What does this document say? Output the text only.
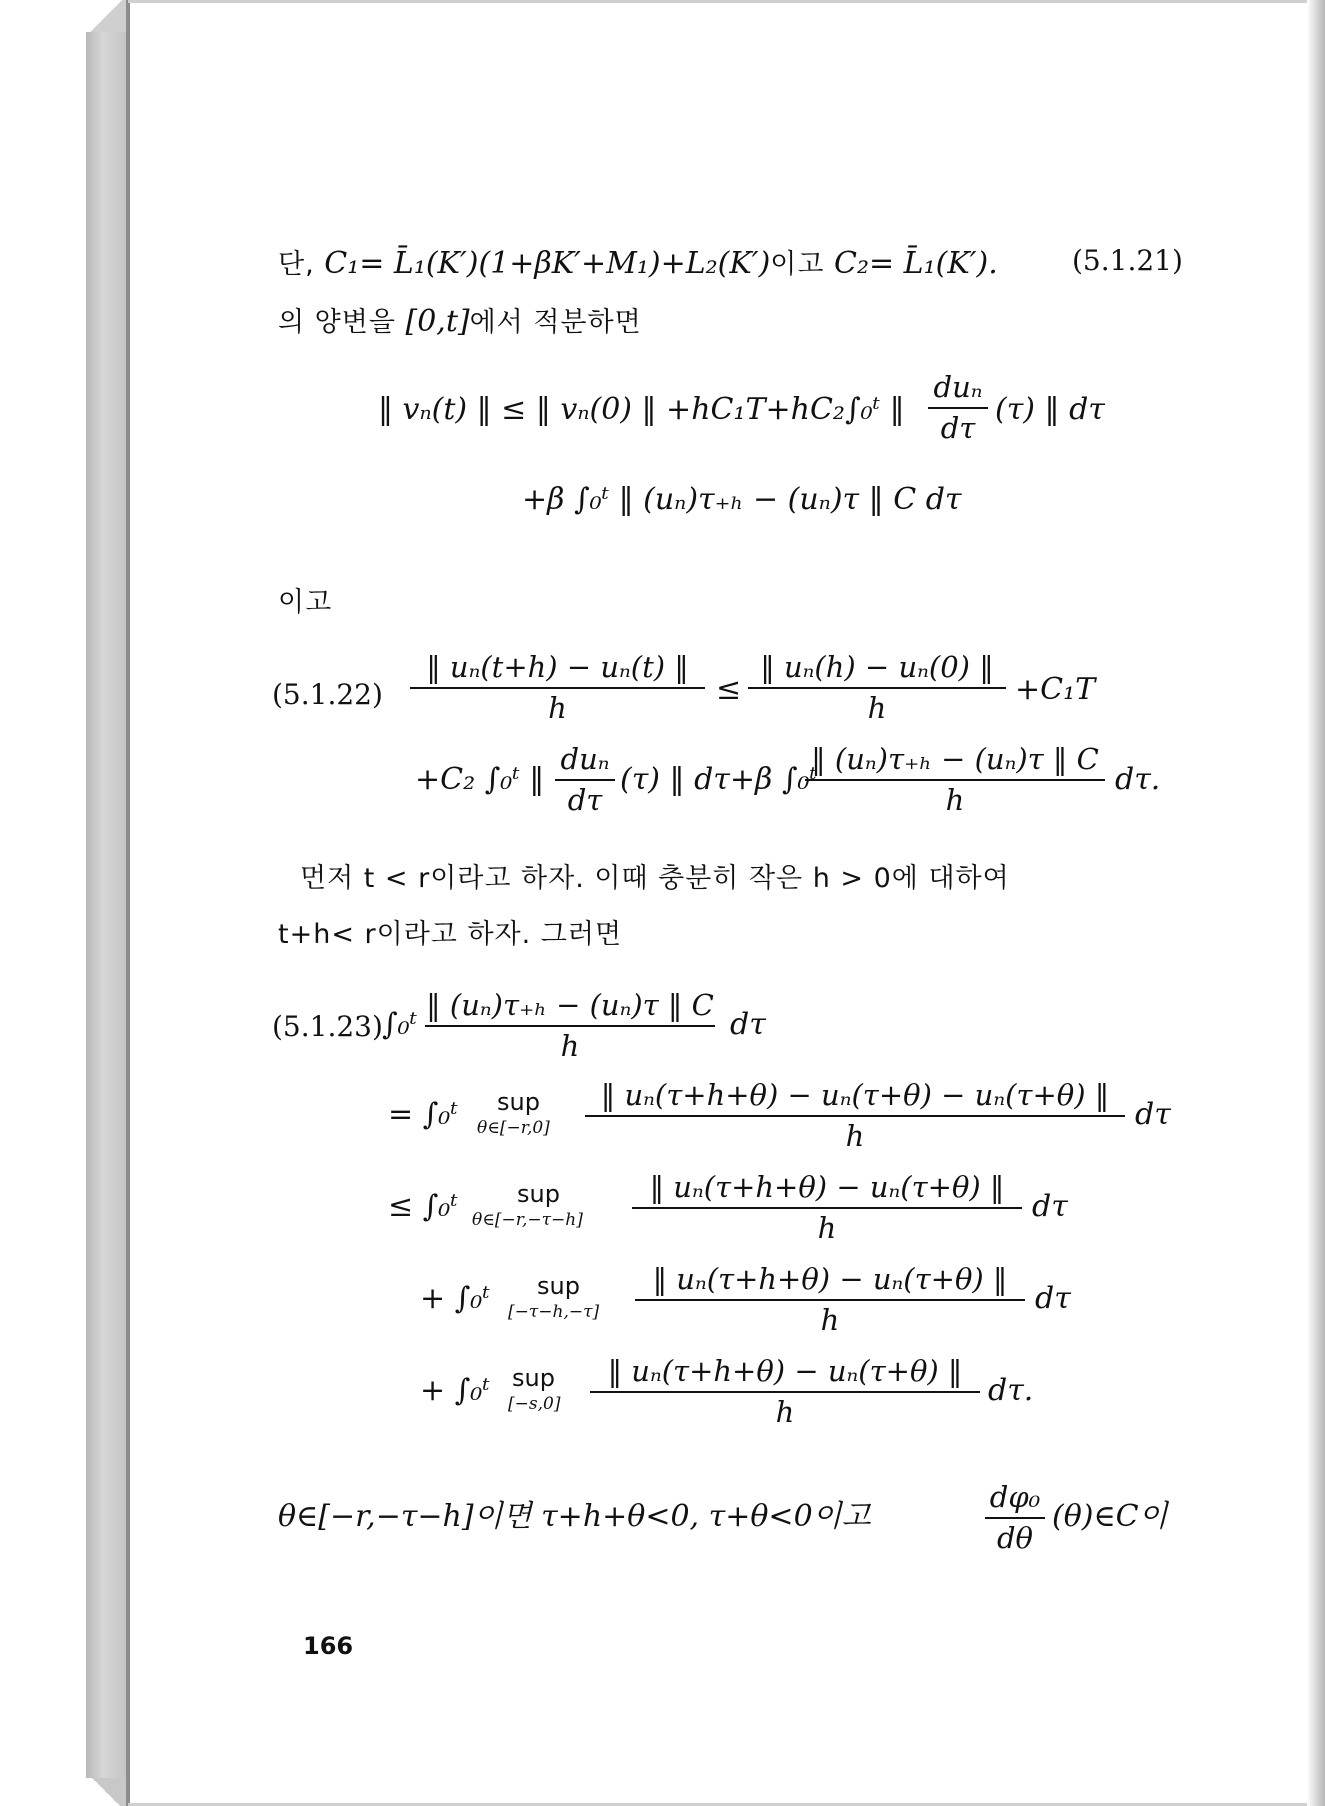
단, C₁= L̄₁(K′)(1+βK′+M₁)+L₂(K′)이고 C₂= L̄₁(K′).	(5.1.21)
의 양변을 [0,t]에서 적분하면
‖ vₙ(t) ‖ ≤ ‖ vₙ(0) ‖ +hC₁T+hC₂ ∫₀ᵗ ‖
duₙ
dτ
(τ) ‖ dτ
+β ∫₀ᵗ ‖ (uₙ)τ₊ₕ − (uₙ)τ ‖ C dτ
이고
(5.1.22)
‖ uₙ(t+h) − uₙ(t) ‖
h
≤
‖ uₙ(h) − uₙ(0) ‖
h
+C₁T
+C₂ ∫₀ᵗ ‖
duₙ
dτ
(τ) ‖ dτ+β ∫₀ᵗ
‖ (uₙ)τ₊ₕ − (uₙ)τ ‖ C
h
dτ.
먼저 t < r이라고 하자. 이때 충분히 작은 h > 0에 대하여
t+h< r이라고 하자. 그러면
(5.1.23) ∫₀ᵗ
‖ (uₙ)τ₊ₕ − (uₙ)τ ‖ C
h
dτ
= ∫₀ᵗ sup
θ∈[−r,0]
‖ uₙ(τ+h+θ) − uₙ(τ+θ) − uₙ(τ+θ) ‖
h
dτ
≤ ∫₀ᵗ sup
θ∈[−r,−τ−h]
‖ uₙ(τ+h+θ) − uₙ(τ+θ) ‖
h
dτ
+ ∫₀ᵗ sup
[−τ−h,−τ]
‖ uₙ(τ+h+θ) − uₙ(τ+θ) ‖
h
dτ
+ ∫₀ᵗ sup
[−s,0]
‖ uₙ(τ+h+θ) − uₙ(τ+θ) ‖
h
dτ.
θ∈[−r,−τ−h]이면 τ+h+θ<0, τ+θ<0이고
dφ₀
dθ
(θ)∈C이
166
